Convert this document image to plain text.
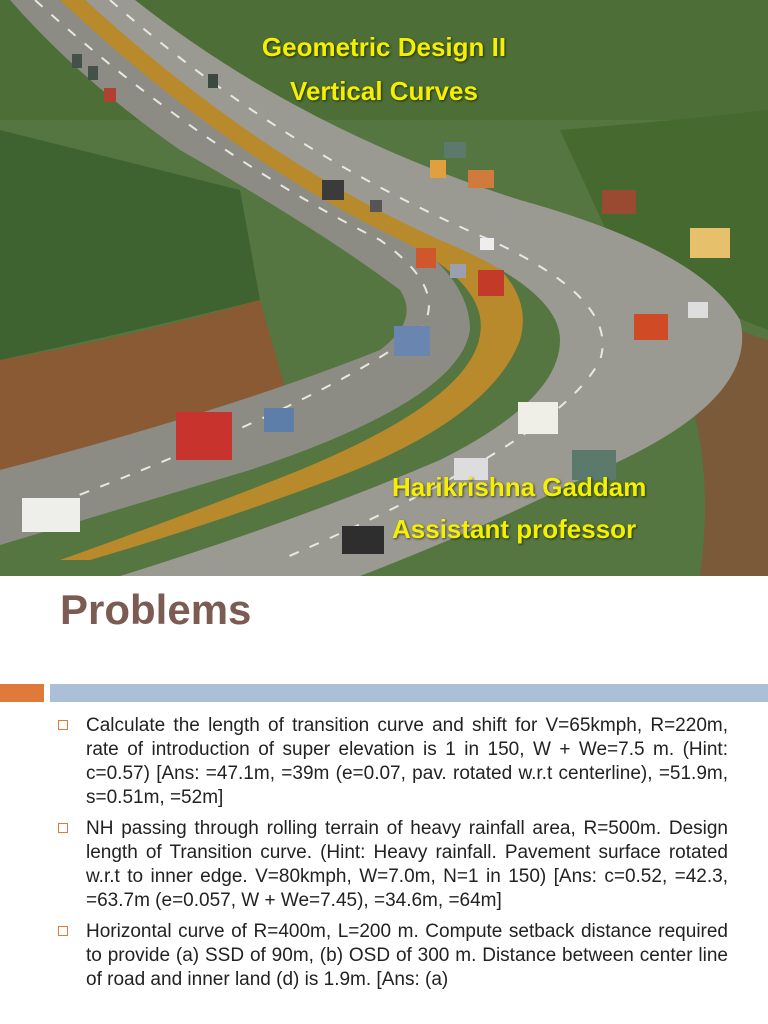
Geometric Design II
Vertical Curves
Harikrishna Gaddam
Assistant professor
Problems
Calculate the length of transition curve and shift for V=65kmph, R=220m, rate of introduction of super elevation is 1 in 150, W + We=7.5 m. (Hint: c=0.57) [Ans: =47.1m, =39m (e=0.07, pav. rotated w.r.t centerline), =51.9m, s=0.51m, =52m]
NH passing through rolling terrain of heavy rainfall area, R=500m. Design length of Transition curve. (Hint: Heavy rainfall. Pavement surface rotated w.r.t to inner edge. V=80kmph, W=7.0m, N=1 in 150) [Ans: c=0.52, =42.3, =63.7m (e=0.057, W + We=7.45), =34.6m, =64m]
Horizontal curve of R=400m, L=200 m. Compute setback distance required to provide (a) SSD of 90m, (b) OSD of 300 m. Distance between center line of road and inner land (d) is 1.9m. [Ans: (a)
